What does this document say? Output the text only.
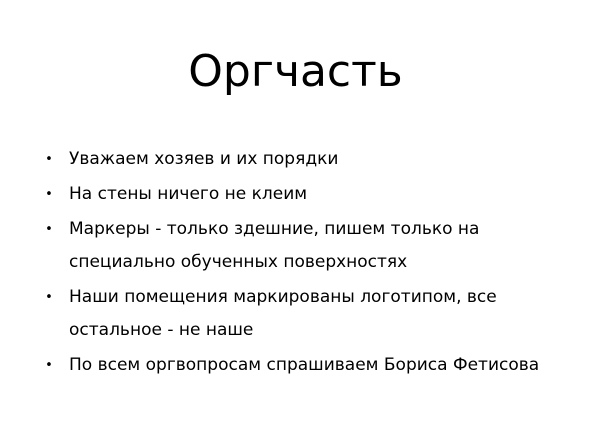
Оргчасть
• Уважаем хозяев и их порядки
• На стены ничего не клеим
• Маркеры - только здешние, пишем только на специально обученных поверхностях
• Наши помещения маркированы логотипом, все остальное - не наше
• По всем оргвопросам спрашиваем Бориса Фетисова
